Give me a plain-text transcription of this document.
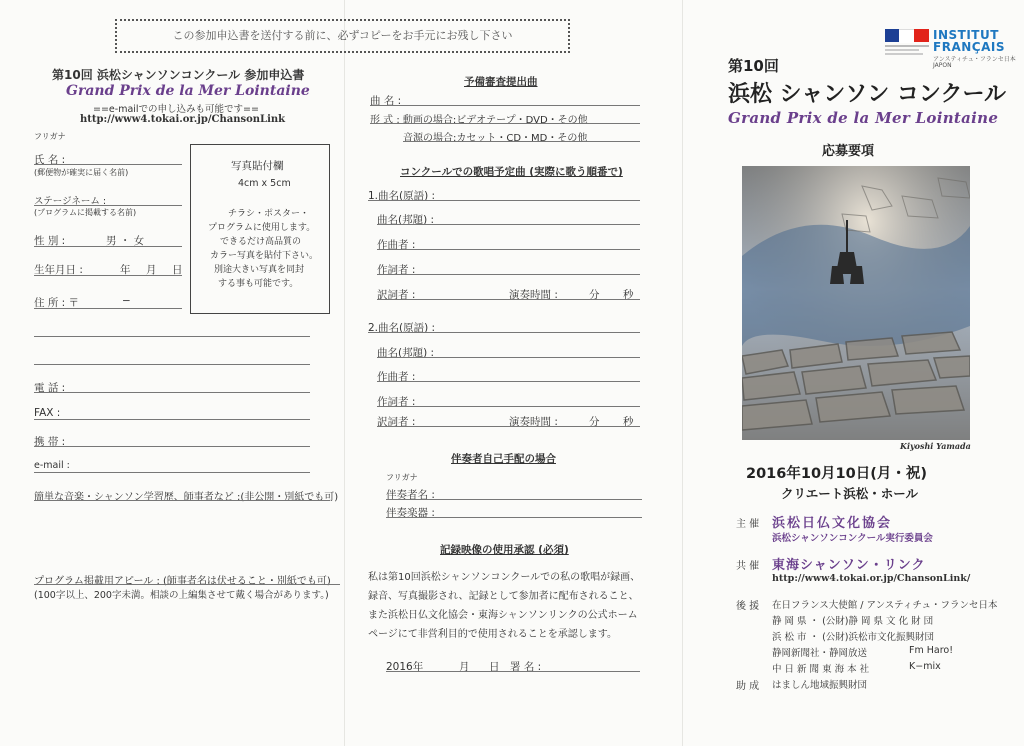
この参加申込書を送付する前に、必ずコピーをお手元にお残し下さい
第10回 浜松シャンソンコンクール 参加申込書
Grand Prix de la Mer Lointaine
==e-mailでの申し込みも可能です==
http://www4.tokai.or.jp/ChansonLink
フリガナ
氏 名 :
(郵便物が確実に届く名前)
ステージネーム :
(プログラムに掲載する名前)
性 別 :	男 ・ 女
生年月日 :	年 月 日
住 所 : 〒	−
電 話 :
FAX :
携 帯 :
e-mail :
簡単な音楽・シャンソン学習歴、師事者など :(非公開・別紙でも可)
プログラム掲載用アピール : (師事者名は伏せること・別紙でも可)
(100字以上、200字未満。相談の上編集させて戴く場合があります。)
写真貼付欄
4cm x 5cm
チラシ・ポスター・
プログラムに使用します。
できるだけ高品質の
カラー写真を貼付下さい。
別途大きい写真を同封
する事も可能です。
予備審査提出曲
曲 名 :
形 式 : 動画の場合:ビデオテープ・DVD・その他
音源の場合:カセット・CD・MD・その他
コンクールでの歌唱予定曲 (実際に歌う順番で)
1.曲名(原語) :
曲名(邦題) :
作曲者 :
作詞者 :
訳詞者 :	演奏時間 :	分 秒
2.曲名(原語) :
曲名(邦題) :
作曲者 :
作詞者 :
訳詞者 :	演奏時間 :	分 秒
伴奏者自己手配の場合
フリガナ
伴奏者名 :
伴奏楽器 :
記録映像の使用承認 (必須)
私は第10回浜松シャンソンコンクールでの私の歌唱が録画、
録音、写真撮影され、記録として参加者に配布されること、
また浜松日仏文化協会・東海シャンソンリンクの公式ホーム
ページにて非営利目的で使用されることを承認します。
2016年	月 日 署 名 :
INSTITUT
FRANÇAIS
アンスティチュ・フランセ日本
JAPON
第10回
浜松 シャンソン コンクール
Grand Prix de la Mer Lointaine
応募要項
Kiyoshi Yamada
2016年10月10日(月・祝)
クリエート浜松・ホール
主 催 浜松日仏文化協会
浜松シャンソンコンクール実行委員会
共 催 東海シャンソン・リンク
http://www4.tokai.or.jp/ChansonLink/
後 援 在日フランス大使館 / アンスティチュ・フランセ日本
静 岡 県 ・ (公財)静 岡 県 文 化 財 団
浜 松 市 ・ (公財)浜松市文化振興財団
静岡新聞社・静岡放送	Fm Haro!
中 日 新 聞 東 海 本 社	K−mix
助 成 はましん地域振興財団
